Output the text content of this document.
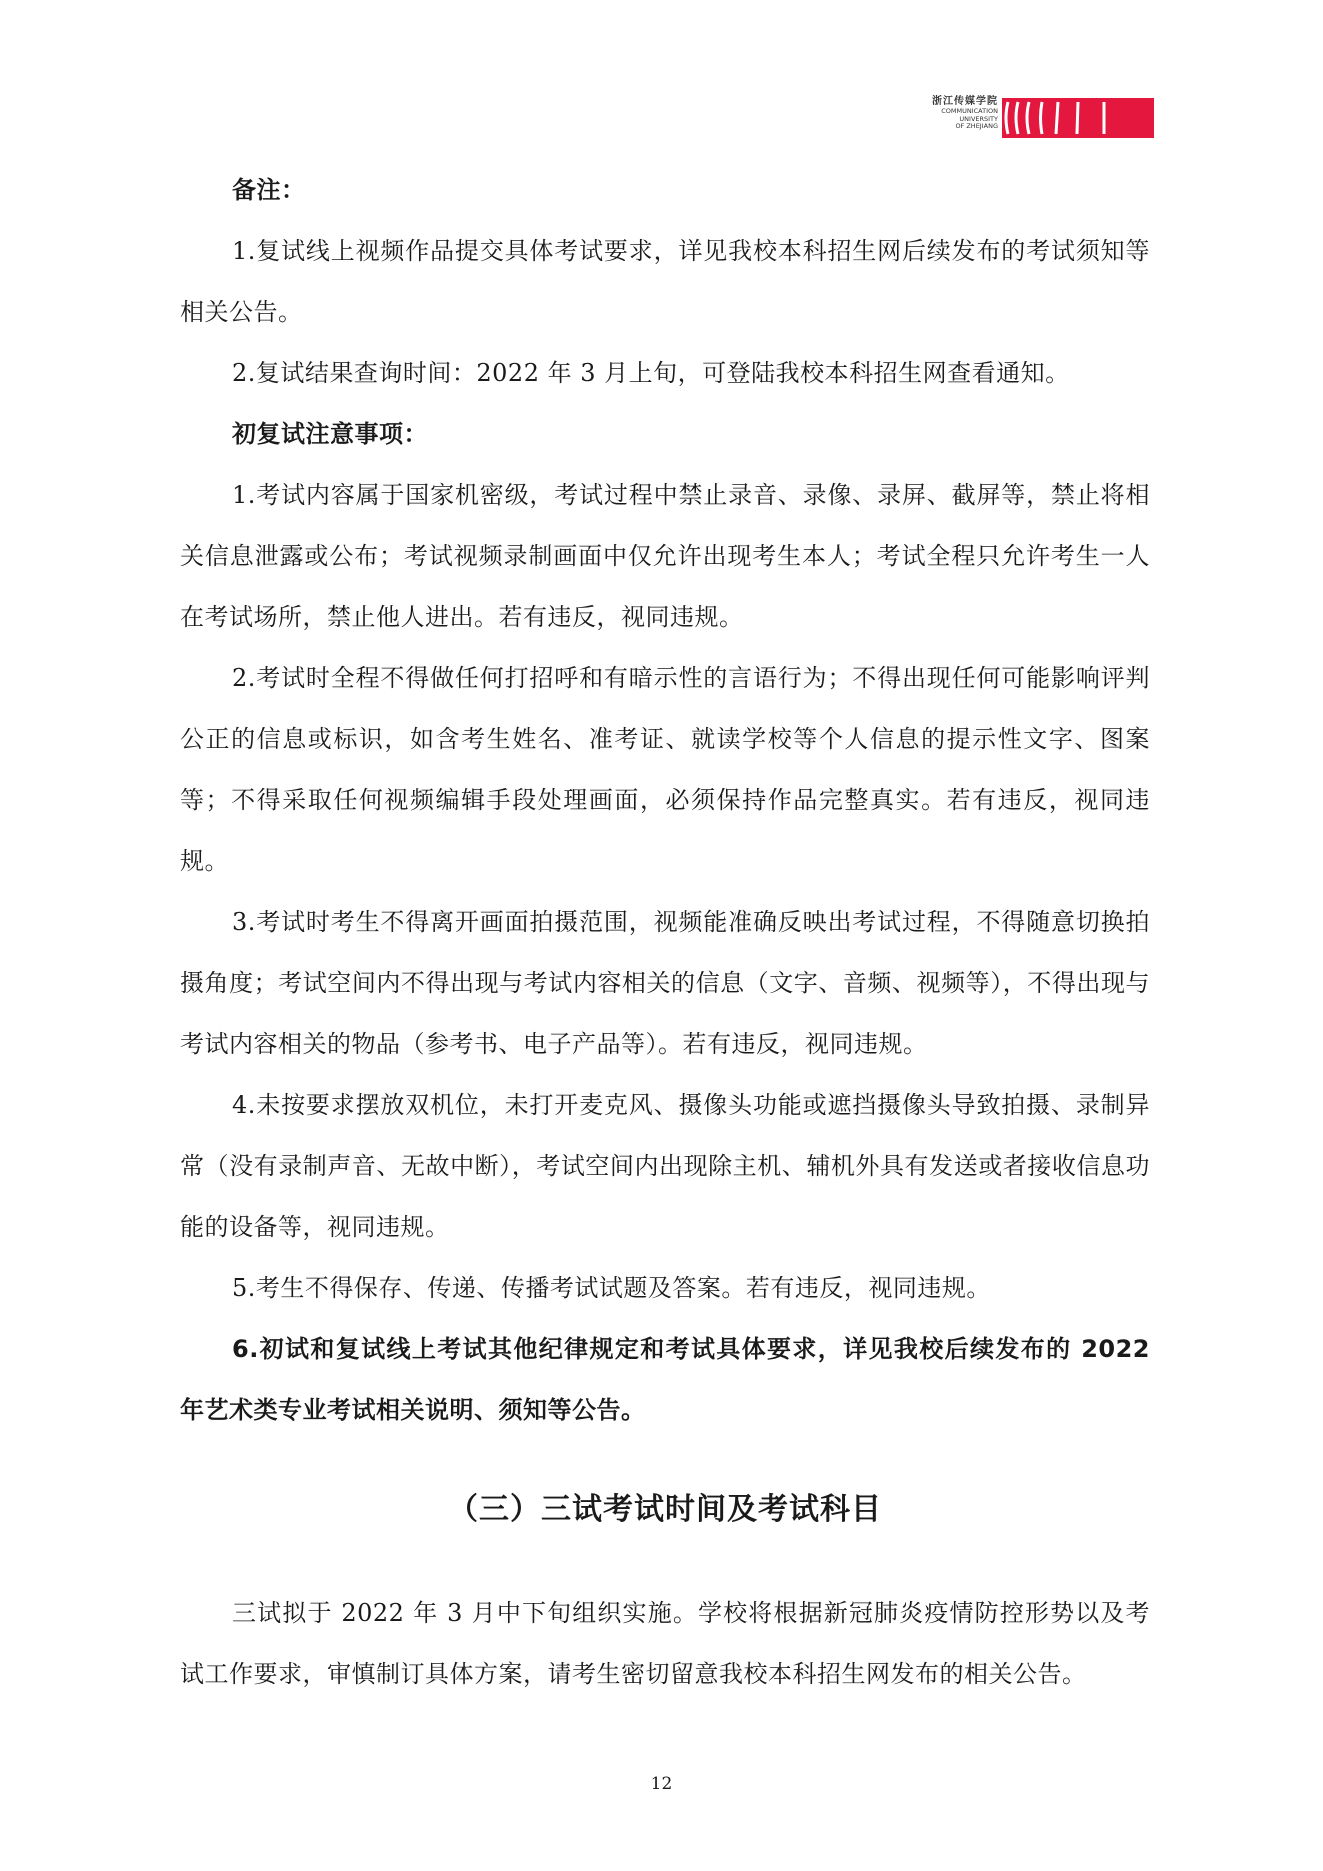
浙江传媒学院
COMMUNICATION
UNIVERSITY
OF ZHEJIANG

备注：

1.复试线上视频作品提交具体考试要求，详见我校本科招生网后续发布的考试须知等相关公告。

2.复试结果查询时间：2022 年 3 月上旬，可登陆我校本科招生网查看通知。

初复试注意事项：

1.考试内容属于国家机密级，考试过程中禁止录音、录像、录屏、截屏等，禁止将相关信息泄露或公布；考试视频录制画面中仅允许出现考生本人；考试全程只允许考生一人在考试场所，禁止他人进出。若有违反，视同违规。

2.考试时全程不得做任何打招呼和有暗示性的言语行为；不得出现任何可能影响评判公正的信息或标识，如含考生姓名、准考证、就读学校等个人信息的提示性文字、图案等；不得采取任何视频编辑手段处理画面，必须保持作品完整真实。若有违反，视同违规。

3.考试时考生不得离开画面拍摄范围，视频能准确反映出考试过程，不得随意切换拍摄角度；考试空间内不得出现与考试内容相关的信息（文字、音频、视频等），不得出现与考试内容相关的物品（参考书、电子产品等）。若有违反，视同违规。

4.未按要求摆放双机位，未打开麦克风、摄像头功能或遮挡摄像头导致拍摄、录制异常（没有录制声音、无故中断），考试空间内出现除主机、辅机外具有发送或者接收信息功能的设备等，视同违规。

5.考生不得保存、传递、传播考试试题及答案。若有违反，视同违规。

6.初试和复试线上考试其他纪律规定和考试具体要求，详见我校后续发布的 2022 年艺术类专业考试相关说明、须知等公告。

（三）三试考试时间及考试科目

三试拟于 2022 年 3 月中下旬组织实施。学校将根据新冠肺炎疫情防控形势以及考试工作要求，审慎制订具体方案，请考生密切留意我校本科招生网发布的相关公告。

12
